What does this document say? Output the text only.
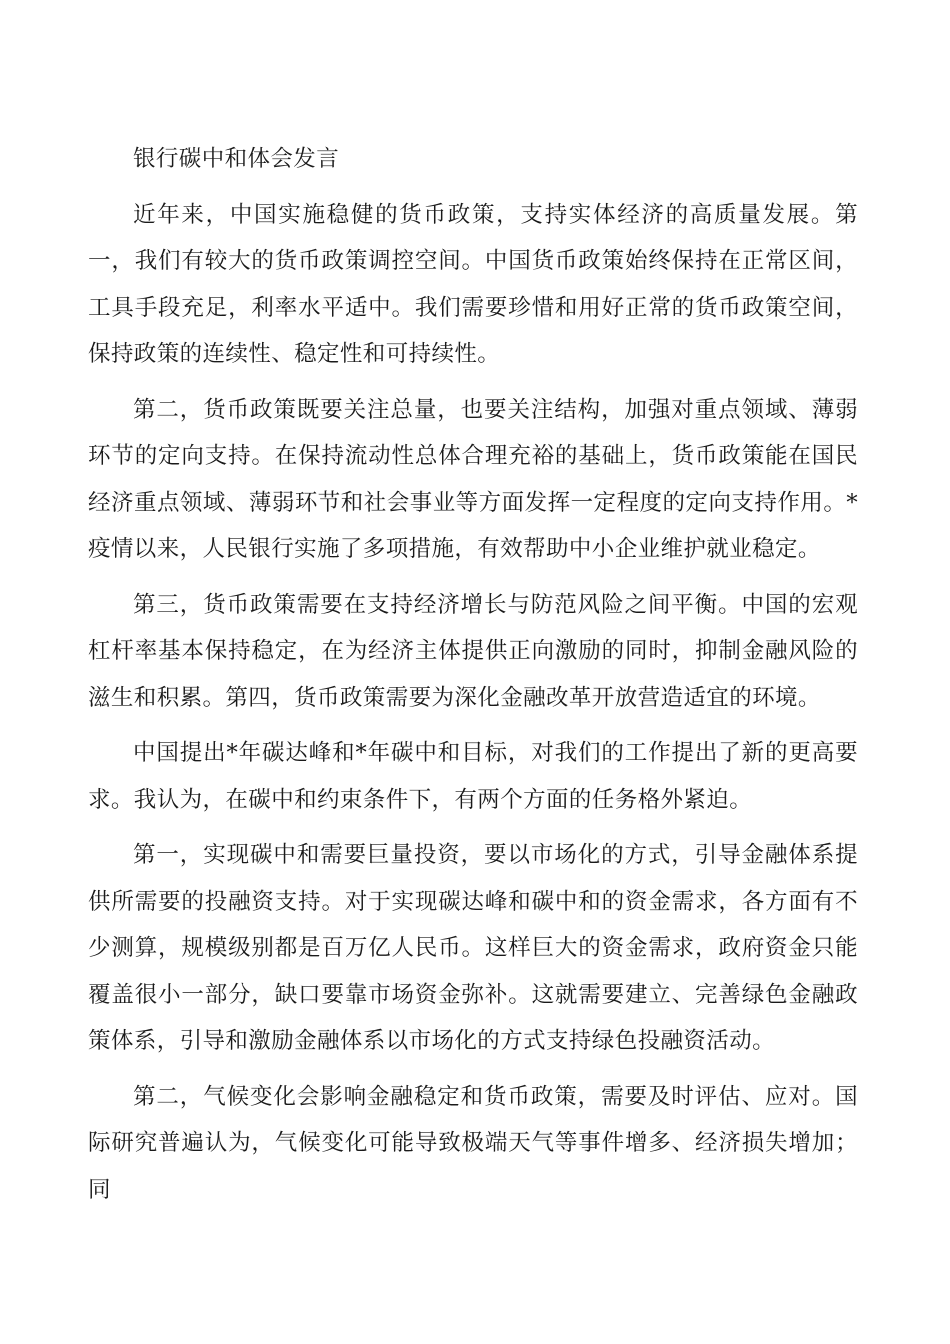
银行碳中和体会发言

近年来，中国实施稳健的货币政策，支持实体经济的高质量发展。第一，我们有较大的货币政策调控空间。中国货币政策始终保持在正常区间，工具手段充足，利率水平适中。我们需要珍惜和用好正常的货币政策空间，保持政策的连续性、稳定性和可持续性。

第二，货币政策既要关注总量，也要关注结构，加强对重点领域、薄弱环节的定向支持。在保持流动性总体合理充裕的基础上，货币政策能在国民经济重点领域、薄弱环节和社会事业等方面发挥一定程度的定向支持作用。*疫情以来，人民银行实施了多项措施，有效帮助中小企业维护就业稳定。

第三，货币政策需要在支持经济增长与防范风险之间平衡。中国的宏观杠杆率基本保持稳定，在为经济主体提供正向激励的同时，抑制金融风险的滋生和积累。第四，货币政策需要为深化金融改革开放营造适宜的环境。

中国提出*年碳达峰和*年碳中和目标，对我们的工作提出了新的更高要求。我认为，在碳中和约束条件下，有两个方面的任务格外紧迫。

第一，实现碳中和需要巨量投资，要以市场化的方式，引导金融体系提供所需要的投融资支持。对于实现碳达峰和碳中和的资金需求，各方面有不少测算，规模级别都是百万亿人民币。这样巨大的资金需求，政府资金只能覆盖很小一部分，缺口要靠市场资金弥补。这就需要建立、完善绿色金融政策体系，引导和激励金融体系以市场化的方式支持绿色投融资活动。

第二，气候变化会影响金融稳定和货币政策，需要及时评估、应对。国际研究普遍认为，气候变化可能导致极端天气等事件增多、经济损失增加；同
